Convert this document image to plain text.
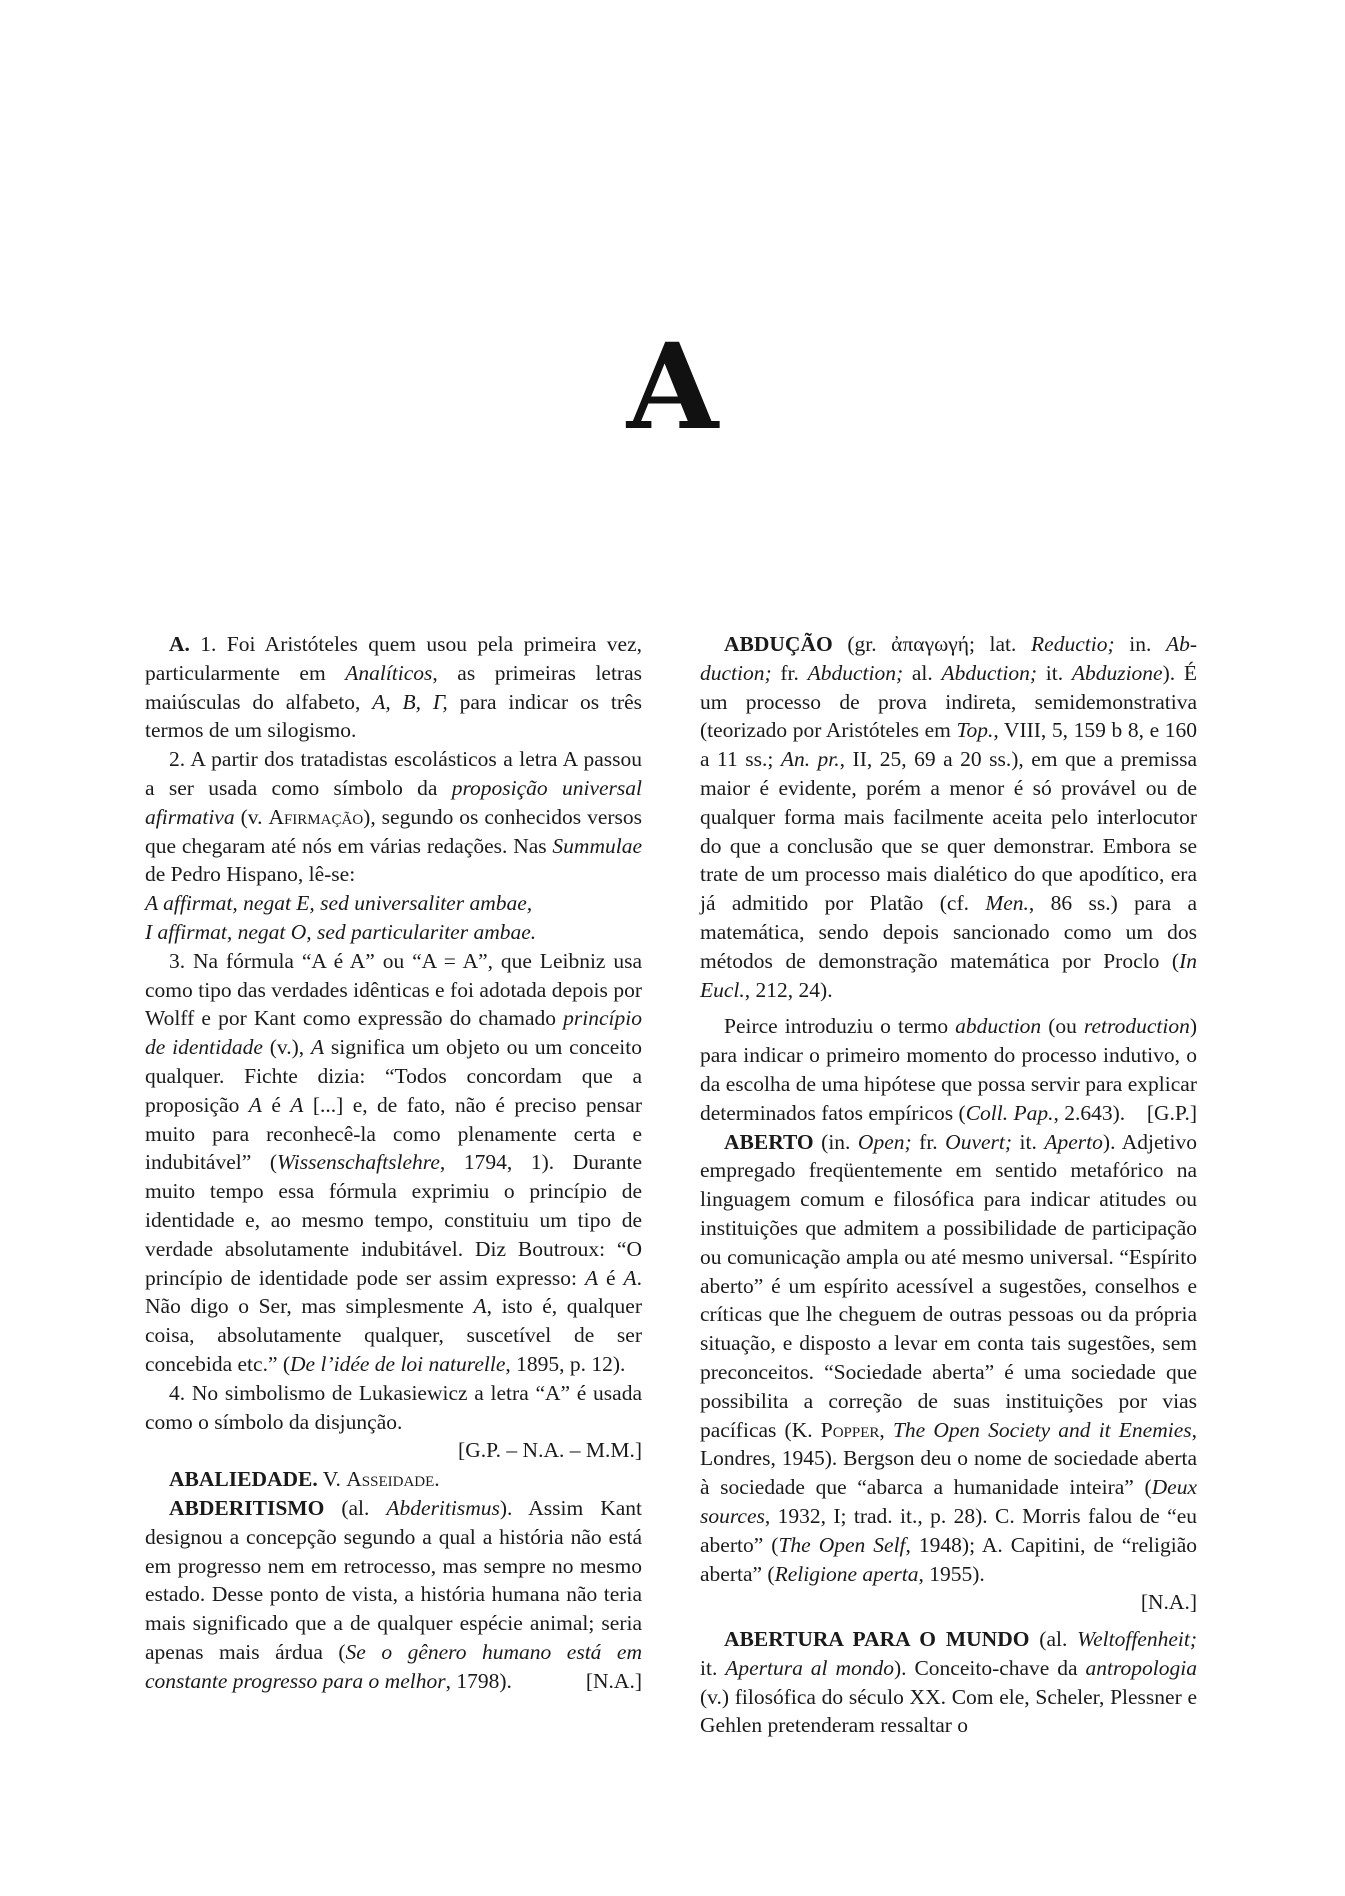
A

A. 1. Foi Aristóteles quem usou pela primeira vez, particularmente em Analíticos, as primeiras letras maiúsculas do alfabeto, A, B, Γ, para indicar os três termos de um silogismo.

2. A partir dos tratadistas escolásticos a letra A passou a ser usada como símbolo da proposição universal afirmativa (v. Afirmação), segundo os conhecidos versos que chegaram até nós em várias redações. Nas Summulae de Pedro Hispano, lê-se:

A affirmat, negat E, sed universaliter ambae,

I affirmat, negat O, sed particulariter ambae.

3. Na fórmula “A é A” ou “A = A”, que Leibniz usa como tipo das verdades idênticas e foi adotada depois por Wolff e por Kant como expressão do chamado princípio de identidade (v.), A significa um objeto ou um conceito qualquer. Fichte dizia: “Todos concordam que a proposição A é A [...] e, de fato, não é preciso pensar muito para reconhecê-la como plenamente certa e indubitável” (Wissenschaftslehre, 1794, 1). Durante muito tempo essa fórmula exprimiu o princípio de identidade e, ao mesmo tempo, constituiu um tipo de verdade absolutamente indubitável. Diz Boutroux: “O princípio de identidade pode ser assim expresso: A é A. Não digo o Ser, mas simplesmente A, isto é, qualquer coisa, absolutamente qualquer, suscetível de ser concebida etc.” (De l’idée de loi naturelle, 1895, p. 12).

4. No simbolismo de Lukasiewicz a letra “A” é usada como o símbolo da disjunção.

[G.P. – N.A. – M.M.]

ABALIEDADE. V. Asseidade.

ABDERITISMO (al. Abderitismus). Assim Kant designou a concepção segundo a qual a história não está em progresso nem em retrocesso, mas sempre no mesmo estado. Desse ponto de vista, a história humana não teria mais significado que a de qualquer espécie animal; seria apenas mais árdua (Se o gênero humano está em constante progresso para o melhor, 1798).	[N.A.]

ABDUÇÃO (gr. ἀπαγωγή; lat. Reductio; in. Abduction; fr. Abduction; al. Abduction; it. Abduzione). É um processo de prova indireta, semidemonstrativa (teorizado por Aristóteles em Top., VIII, 5, 159 b 8, e 160 a 11 ss.; An. pr., II, 25, 69 a 20 ss.), em que a premissa maior é evidente, porém a menor é só provável ou de qualquer forma mais facilmente aceita pelo interlocutor do que a conclusão que se quer demonstrar. Embora se trate de um processo mais dialético do que apodítico, era já admitido por Platão (cf. Men., 86 ss.) para a matemática, sendo depois sancionado como um dos métodos de demonstração matemática por Proclo (In Eucl., 212, 24).

Peirce introduziu o termo abduction (ou retroduction) para indicar o primeiro momento do processo indutivo, o da escolha de uma hipótese que possa servir para explicar determinados fatos empíricos (Coll. Pap., 2.643).	[G.P.]

ABERTO (in. Open; fr. Ouvert; it. Aperto). Adjetivo empregado freqüentemente em sentido metafórico na linguagem comum e filosófica para indicar atitudes ou instituições que admitem a possibilidade de participação ou comunicação ampla ou até mesmo universal. “Espírito aberto” é um espírito acessível a sugestões, conselhos e críticas que lhe cheguem de outras pessoas ou da própria situação, e disposto a levar em conta tais sugestões, sem preconceitos. “Sociedade aberta” é uma sociedade que possibilita a correção de suas instituições por vias pacíficas (K. Popper, The Open Society and it Enemies, Londres, 1945). Bergson deu o nome de sociedade aberta à sociedade que “abarca a humanidade inteira” (Deux sources, 1932, I; trad. it., p. 28). C. Morris falou de “eu aberto” (The Open Self, 1948); A. Capitini, de “religião aberta” (Religione aperta, 1955).

[N.A.]

ABERTURA PARA O MUNDO (al. Weltoffenheit; it. Apertura al mondo). Conceito-chave da antropologia (v.) filosófica do século XX. Com ele, Scheler, Plessner e Gehlen pretenderam ressaltar o
